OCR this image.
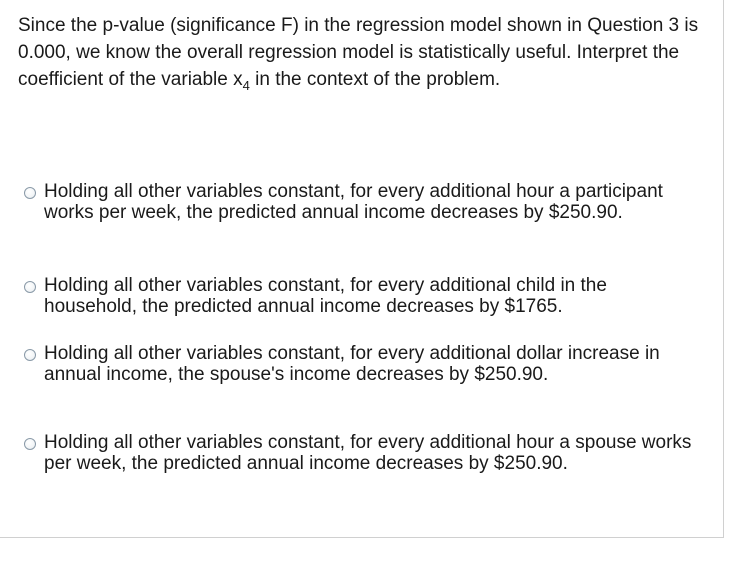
Since the p-value (significance F) in the regression model shown in Question 3 is 0.000, we know the overall regression model is statistically useful. Interpret the coefficient of the variable $x_4$ in the context of the problem.

Holding all other variables constant, for every additional hour a participant works per week, the predicted annual income decreases by $250.90.
Holding all other variables constant, for every additional child in the household, the predicted annual income decreases by $1765.
Holding all other variables constant, for every additional dollar increase in annual income, the spouse's income decreases by $250.90.
Holding all other variables constant, for every additional hour a spouse works per week, the predicted annual income decreases by $250.90.
